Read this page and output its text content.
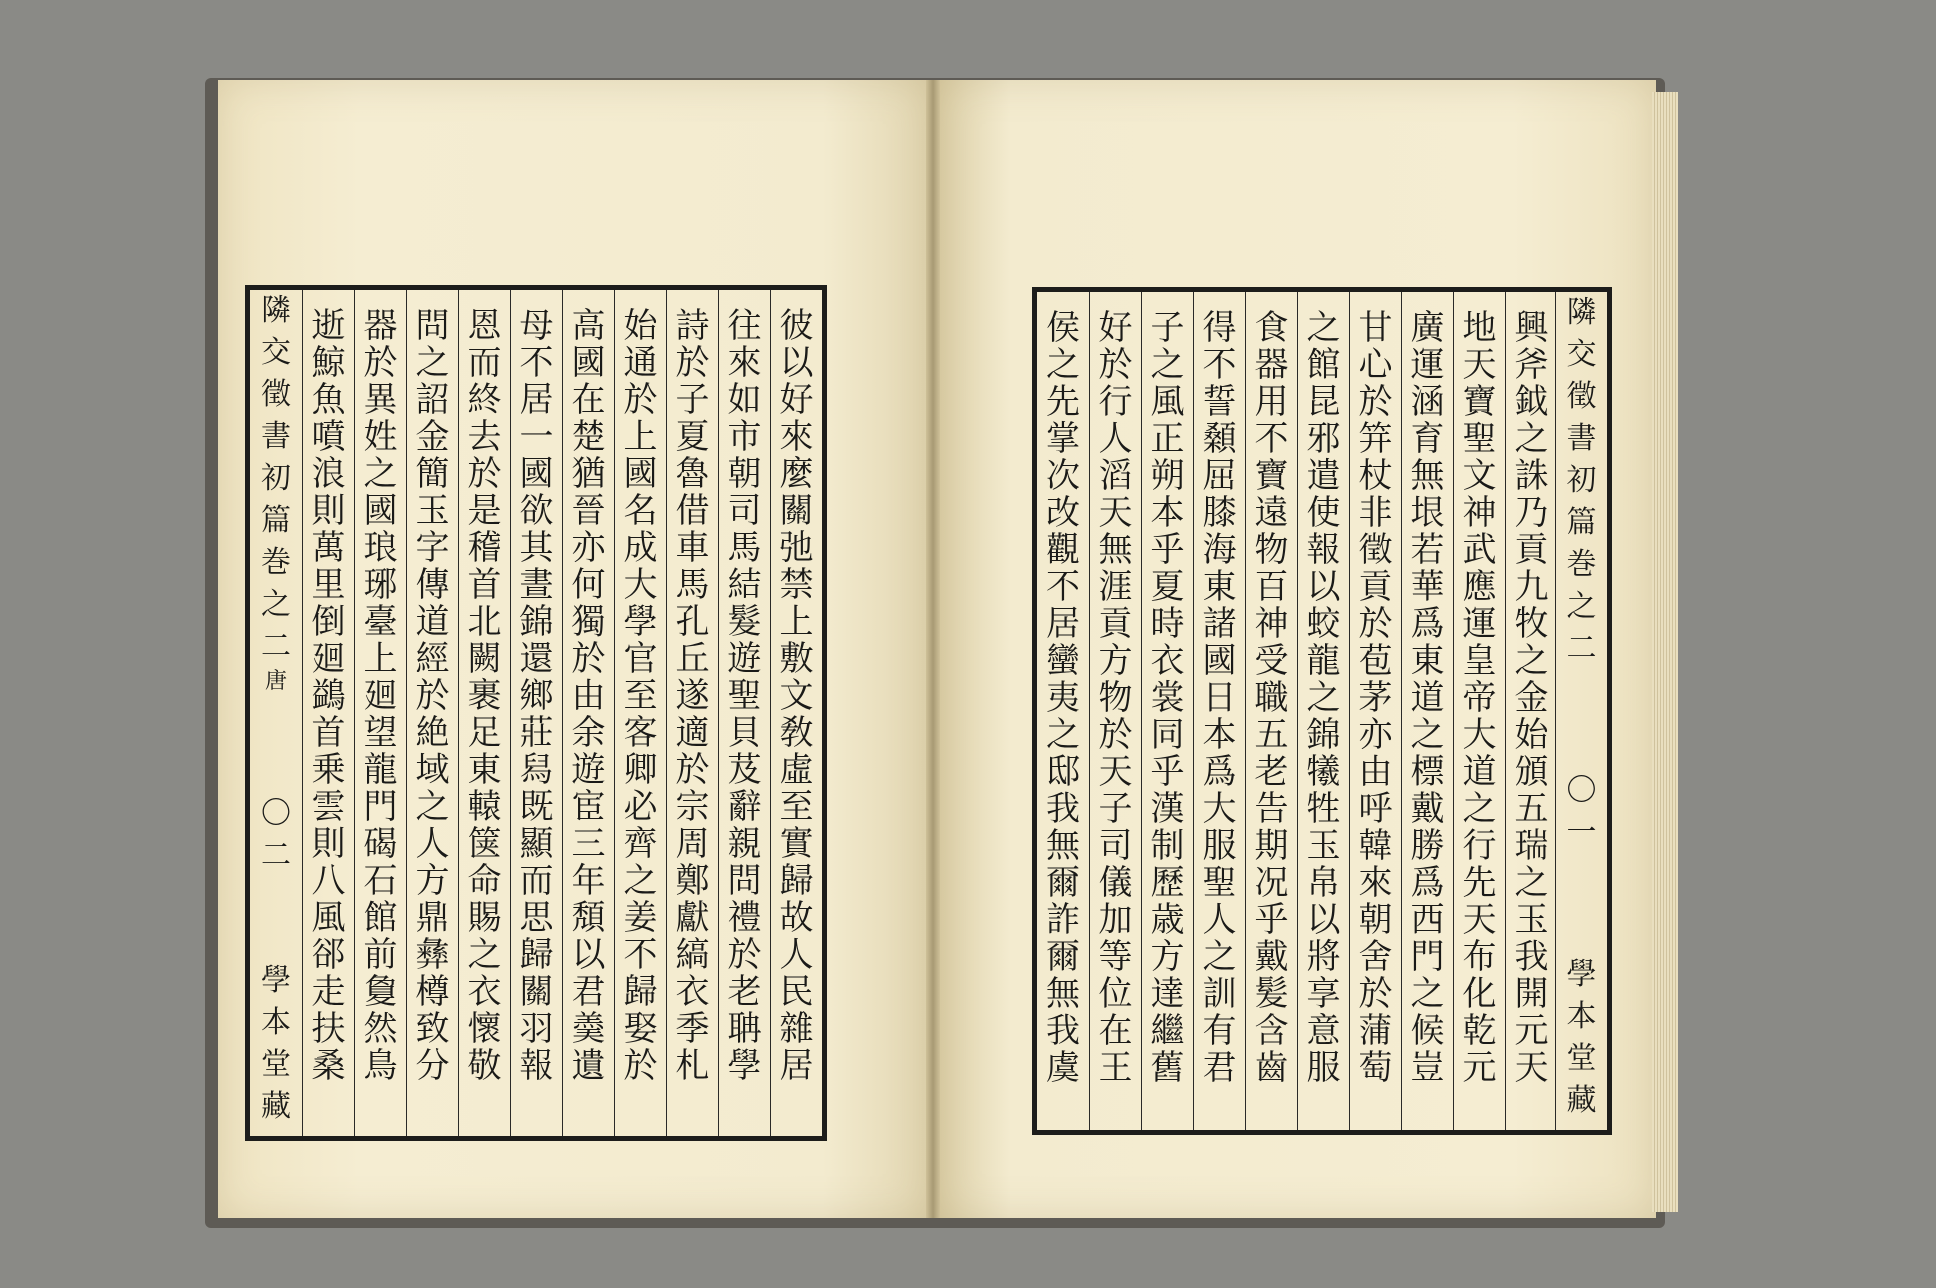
隣
交
徵
書
初
篇
巻
之
二
唐
〇
二
學
本
堂
藏
彼
以
好
來
麼
關
弛
禁
上
敷
文
敎
虛
至
實
歸
故
人
民
雜
居
往
來
如
市
朝
司
馬
結
髮
遊
聖
貝
芨
辭
親
問
禮
於
老
聃
學
詩
於
子
夏
魯
借
車
馬
孔
丘
遂
適
於
宗
周
鄭
獻
縞
衣
季
札
始
通
於
上
國
名
成
大
學
官
至
客
卿
必
齊
之
姜
不
歸
娶
於
高
國
在
楚
猶
晉
亦
何
獨
於
由
余
遊
宦
三
年
頽
以
君
羮
遺
母
不
居
一
國
欲
其
晝
錦
還
鄉
莊
舄
既
顯
而
思
歸
關
羽
報
恩
而
終
去
於
是
稽
首
北
闕
裹
足
東
轅
箧
命
賜
之
衣
懷
敬
問
之
詔
金
簡
玉
字
傳
道
經
於
絶
域
之
人
方
鼎
彝
樽
致
分
器
於
異
姓
之
國
琅
琊
臺
上
廻
望
龍
門
碣
石
館
前
敻
然
鳥
逝
鯨
魚
噴
浪
則
萬
里
倒
廻
鷁
首
乗
雲
則
八
風
郤
走
扶
桑
興
斧
鉞
之
誅
乃
貢
九
牧
之
金
始
頒
五
瑞
之
玉
我
開
元
天
地
天
寶
聖
文
神
武
應
運
皇
帝
大
道
之
行
先
天
布
化
乾
元
廣
運
涵
育
無
垠
若
華
爲
東
道
之
標
戴
勝
爲
西
門
之
候
豈
甘
心
於
笄
杖
非
徵
貢
於
苞
茅
亦
由
呼
韓
來
朝
舍
於
蒲
萄
之
館
昆
邪
遣
使
報
以
蛟
龍
之
錦
犧
牲
玉
帛
以
將
享
意
服
食
器
用
不
寶
遠
物
百
神
受
職
五
老
告
期
况
乎
戴
髪
含
齒
得
不
誓
顙
屈
膝
海
東
諸
國
日
本
爲
大
服
聖
人
之
訓
有
君
子
之
風
正
朔
本
乎
夏
時
衣
裳
同
乎
漢
制
歷
歳
方
達
繼
舊
好
於
行
人
滔
天
無
涯
貢
方
物
於
天
子
司
儀
加
等
位
在
王
侯
之
先
掌
次
改
觀
不
居
蠻
夷
之
邸
我
無
爾
詐
爾
無
我
虞
隣
交
徵
書
初
篇
巻
之
二
〇
一
學
本
堂
藏
